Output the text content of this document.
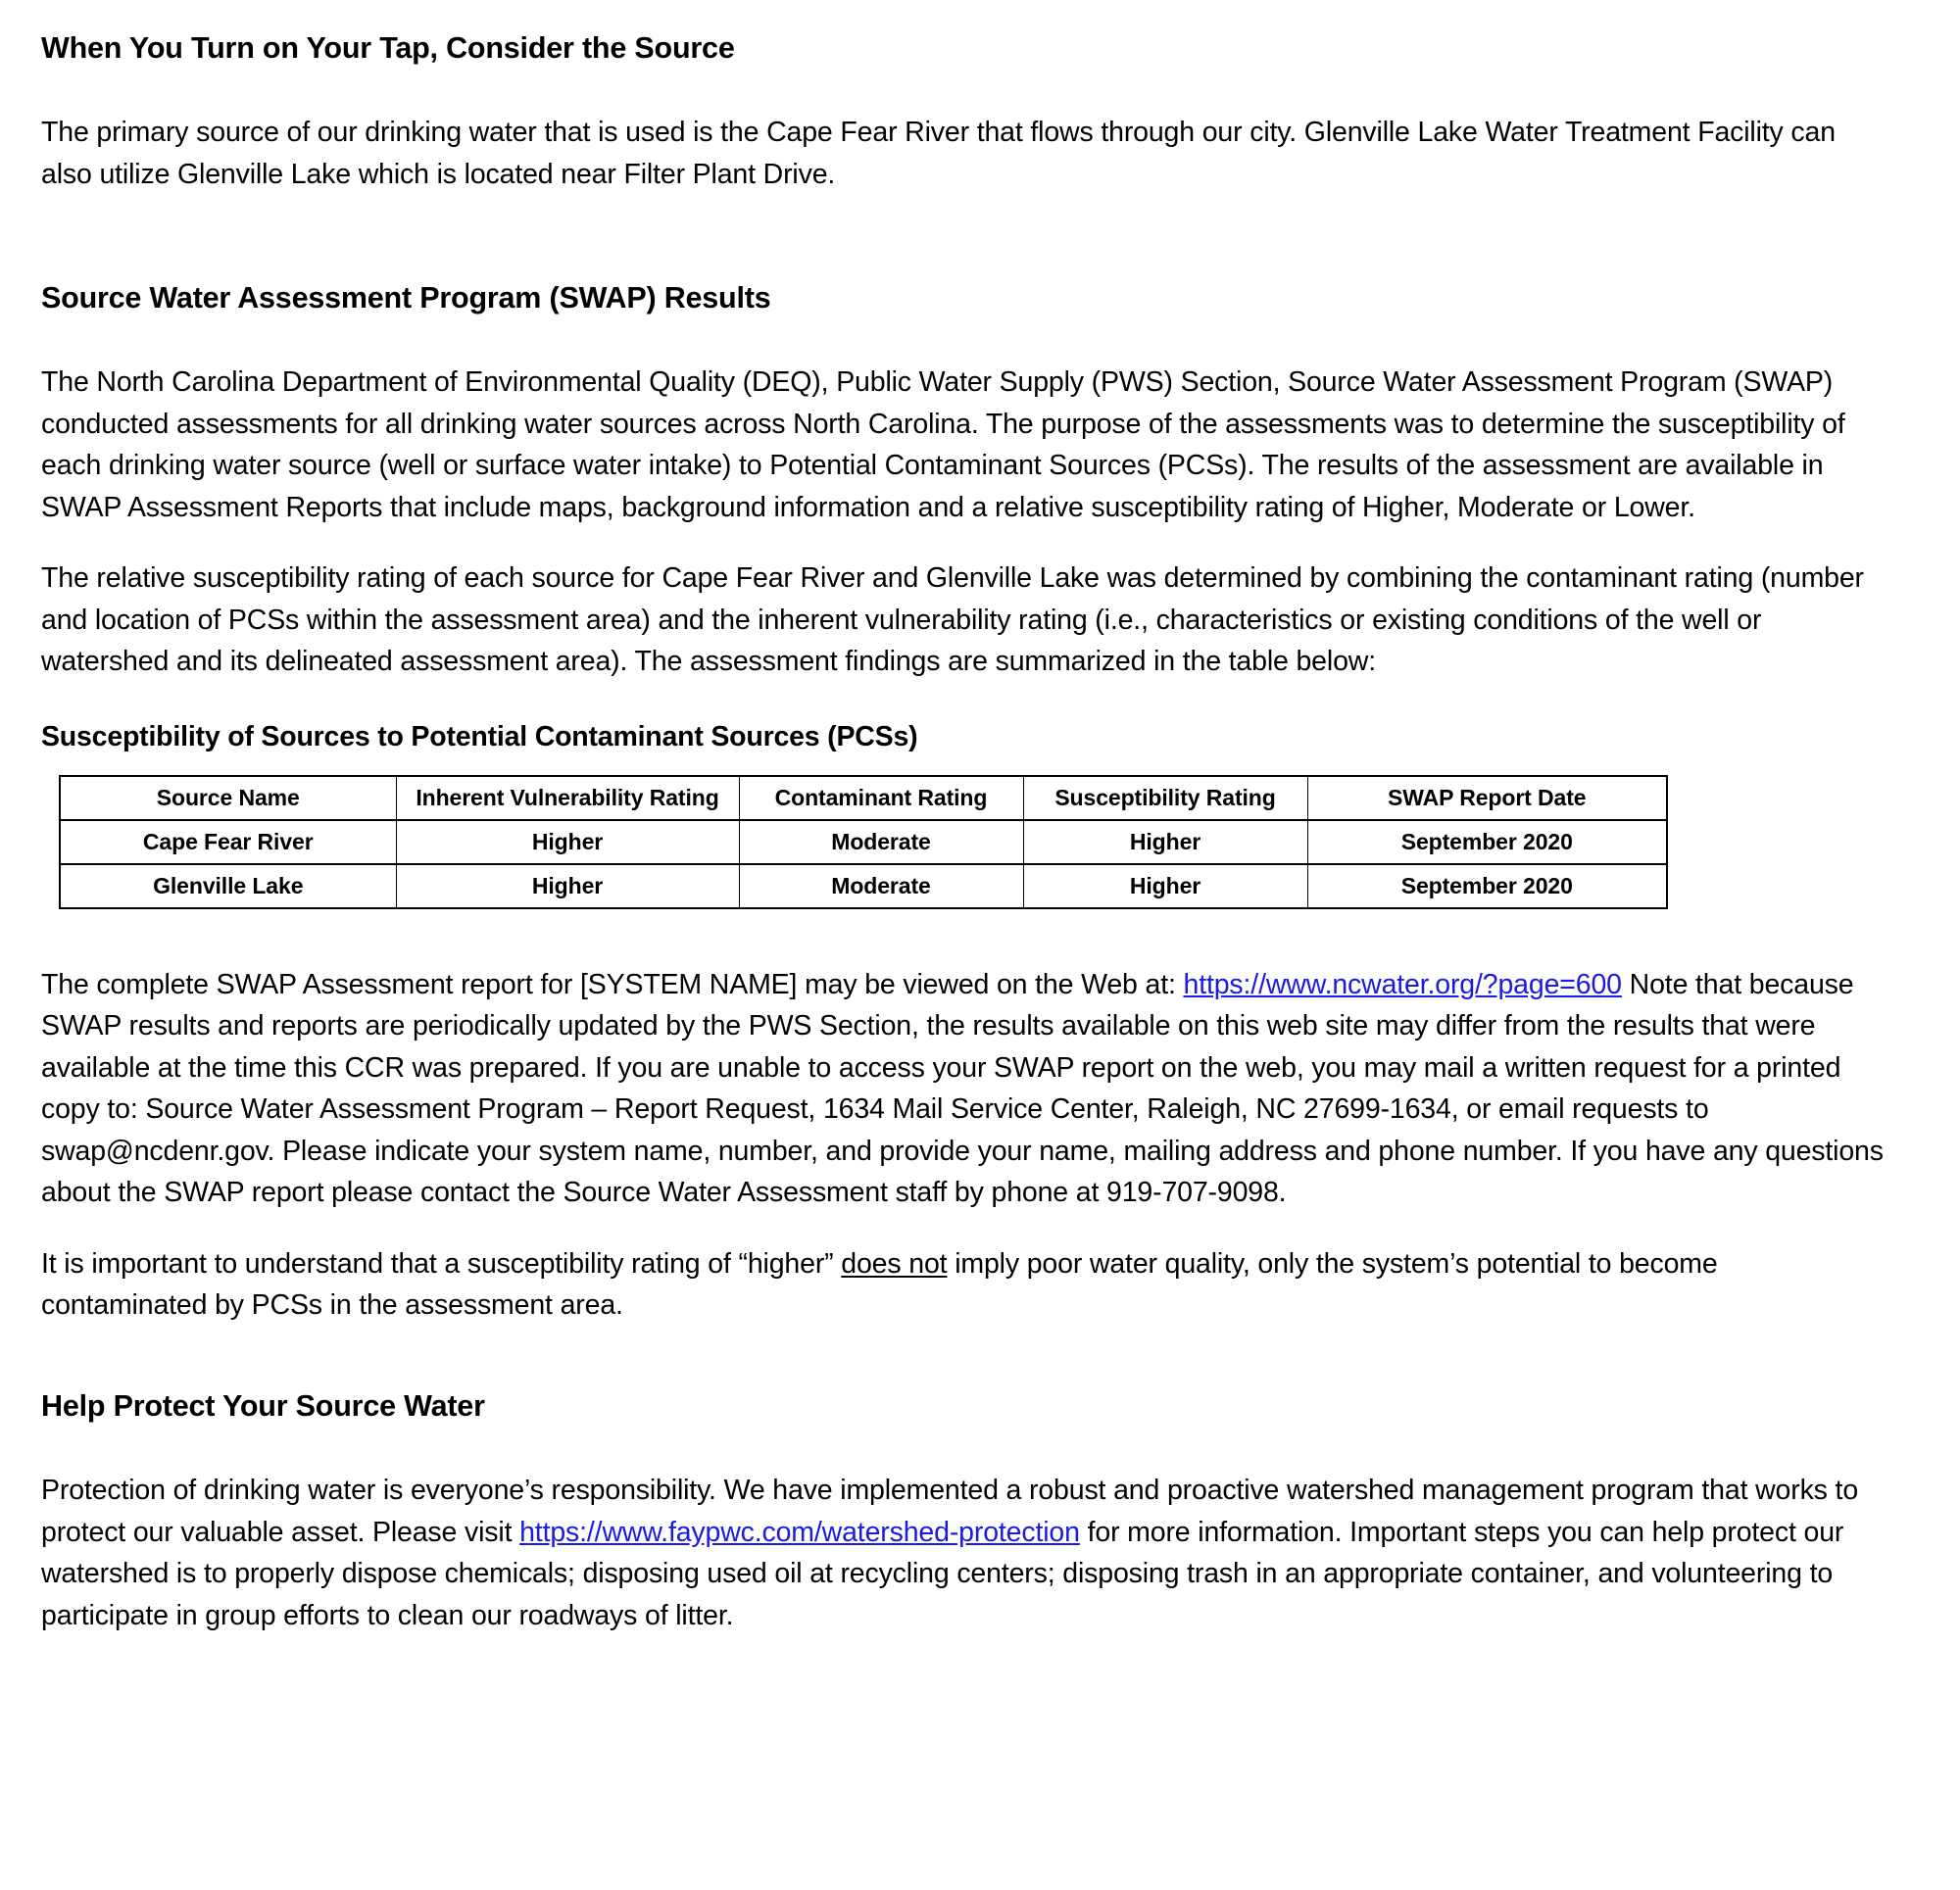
When You Turn on Your Tap, Consider the Source

The primary source of our drinking water that is used is the Cape Fear River that flows through our city. Glenville Lake Water Treatment Facility can also utilize Glenville Lake which is located near Filter Plant Drive.

Source Water Assessment Program (SWAP) Results

The North Carolina Department of Environmental Quality (DEQ), Public Water Supply (PWS) Section, Source Water Assessment Program (SWAP) conducted assessments for all drinking water sources across North Carolina. The purpose of the assessments was to determine the susceptibility of each drinking water source (well or surface water intake) to Potential Contaminant Sources (PCSs). The results of the assessment are available in SWAP Assessment Reports that include maps, background information and a relative susceptibility rating of Higher, Moderate or Lower.

The relative susceptibility rating of each source for Cape Fear River and Glenville Lake was determined by combining the contaminant rating (number and location of PCSs within the assessment area) and the inherent vulnerability rating (i.e., characteristics or existing conditions of the well or watershed and its delineated assessment area). The assessment findings are summarized in the table below:

Susceptibility of Sources to Potential Contaminant Sources (PCSs)
Source Name	Inherent Vulnerability Rating	Contaminant Rating	Susceptibility Rating	SWAP Report Date
Cape Fear River	Higher	Moderate	Higher	September 2020
Glenville Lake	Higher	Moderate	Higher	September 2020

The complete SWAP Assessment report for [SYSTEM NAME] may be viewed on the Web at: https://www.ncwater.org/?page=600 Note that because SWAP results and reports are periodically updated by the PWS Section, the results available on this web site may differ from the results that were available at the time this CCR was prepared. If you are unable to access your SWAP report on the web, you may mail a written request for a printed copy to: Source Water Assessment Program – Report Request, 1634 Mail Service Center, Raleigh, NC 27699-1634, or email requests to swap@ncdenr.gov. Please indicate your system name, number, and provide your name, mailing address and phone number. If you have any questions about the SWAP report please contact the Source Water Assessment staff by phone at 919-707-9098.

It is important to understand that a susceptibility rating of “higher” does not imply poor water quality, only the system’s potential to become contaminated by PCSs in the assessment area.

Help Protect Your Source Water

Protection of drinking water is everyone’s responsibility. We have implemented a robust and proactive watershed management program that works to protect our valuable asset. Please visit https://www.faypwc.com/watershed-protection for more information. Important steps you can help protect our watershed is to properly dispose chemicals; disposing used oil at recycling centers; disposing trash in an appropriate container, and volunteering to participate in group efforts to clean our roadways of litter.
